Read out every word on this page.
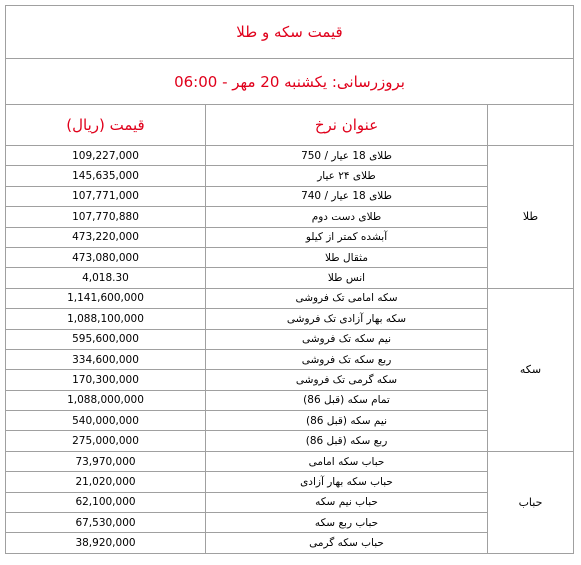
قیمت سکه و طلا		
بروزرسانی: یکشنبه 20 مهر - 06:00		
	عنوان نرخ	قیمت (ریال)
طلا	طلای 18 عیار / 750	109,227,000
	طلای ۲۴ عیار	145,635,000
	طلای 18 عیار / 740	107,771,000
	طلای دست دوم	107,770,880
	آبشده کمتر از کیلو	473,220,000
	مثقال طلا	473,080,000
	انس طلا	4,018.30
سکه	سکه امامی تک فروشی	1,141,600,000
	سکه بهار آزادی تک فروشی	1,088,100,000
	نیم سکه تک فروشی	595,600,000
	ربع سکه تک فروشی	334,600,000
	سکه گرمی تک فروشی	170,300,000
	تمام سکه (قبل 86)	1,088,000,000
	نیم سکه (قبل 86)	540,000,000
	ربع سکه (قبل 86)	275,000,000
حباب	حباب سکه امامی	73,970,000
	حباب سکه بهار آزادی	21,020,000
	حباب نیم سکه	62,100,000
	حباب ربع سکه	67,530,000
	حباب سکه گرمی	38,920,000
